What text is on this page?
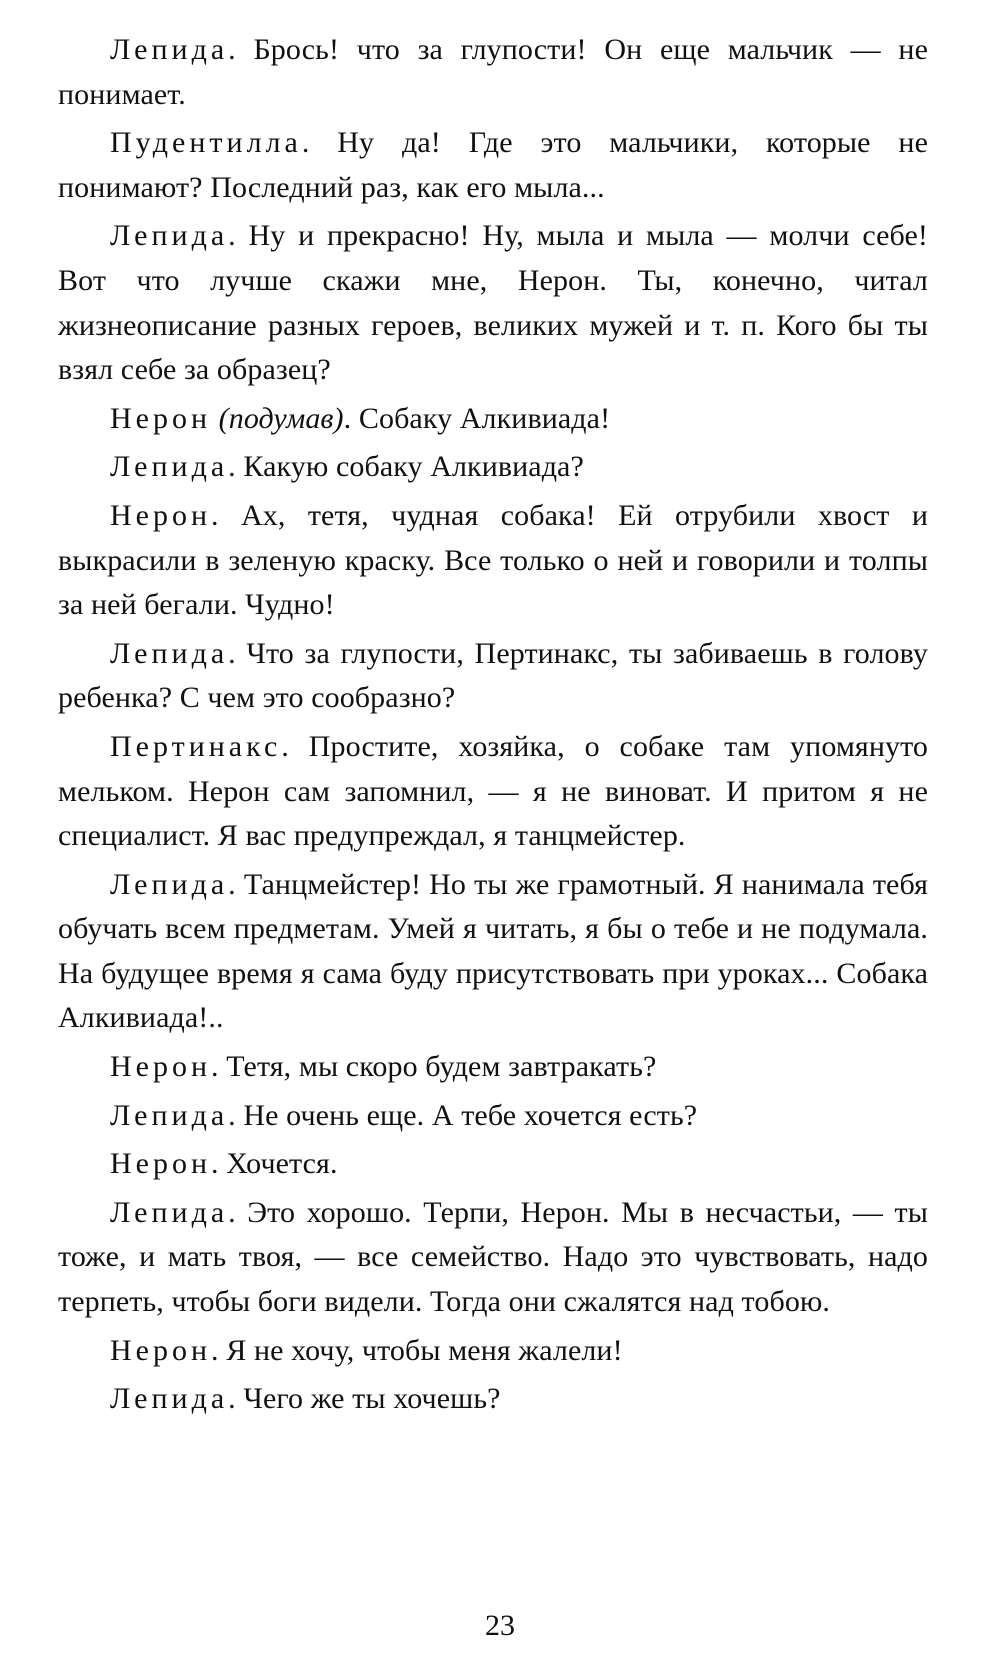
Лепида. Брось! что за глупости! Он еще мальчик — не понимает.

Пудентилла. Ну да! Где это мальчики, которые не понимают? Последний раз, как его мыла...

Лепида. Ну и прекрасно! Ну, мыла и мыла — молчи себе! Вот что лучше скажи мне, Нерон. Ты, конечно, читал жизнеописание разных героев, великих мужей и т. п. Кого бы ты взял себе за образец?

Нерон (подумав). Собаку Алкивиада!

Лепида. Какую собаку Алкивиада?

Нерон. Ах, тетя, чудная собака! Ей отрубили хвост и выкрасили в зеленую краску. Все только о ней и говорили и толпы за ней бегали. Чудно!

Лепида. Что за глупости, Пертинакс, ты забиваешь в голову ребенка? С чем это сообразно?

Пертинакс. Простите, хозяйка, о собаке там упомянуто мельком. Нерон сам запомнил, — я не виноват. И притом я не специалист. Я вас предупреждал, я танцмейстер.

Лепида. Танцмейстер! Но ты же грамотный. Я нанимала тебя обучать всем предметам. Умей я читать, я бы о тебе и не подумала. На будущее время я сама буду присутствовать при уроках... Собака Алкивиада!..

Нерон. Тетя, мы скоро будем завтракать?

Лепида. Не очень еще. А тебе хочется есть?

Нерон. Хочется.

Лепида. Это хорошо. Терпи, Нерон. Мы в несчастьи, — ты тоже, и мать твоя, — все семейство. Надо это чувствовать, надо терпеть, чтобы боги видели. Тогда они сжалятся над тобою.

Нерон. Я не хочу, чтобы меня жалели!

Лепида. Чего же ты хочешь?

23
